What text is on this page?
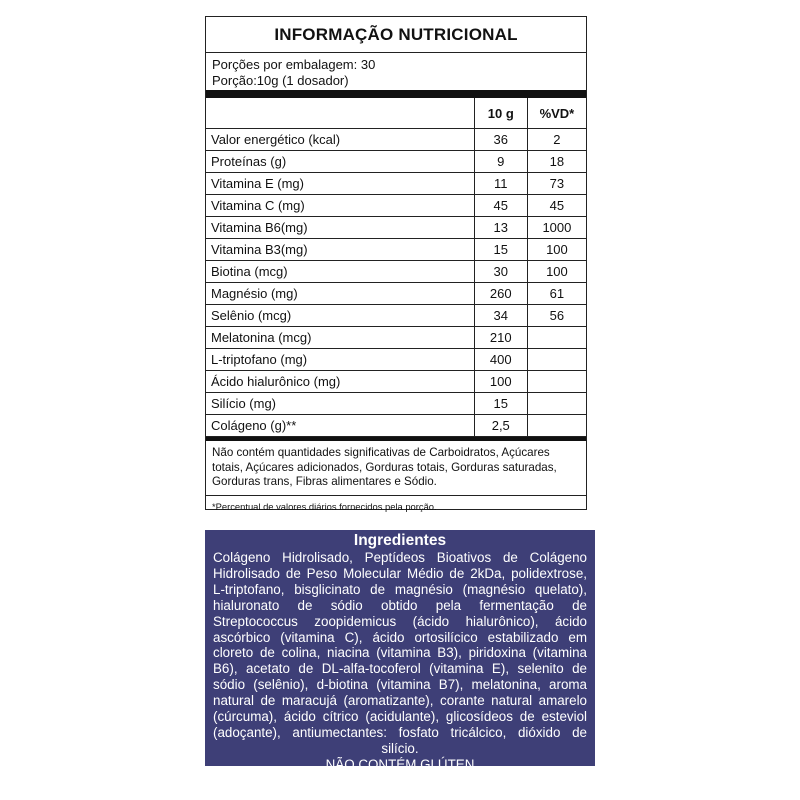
INFORMAÇÃO NUTRICIONAL
Porções por embalagem: 30
Porção:10g (1 dosador)
	10 g	%VD*
Valor energético (kcal)	36	2
Proteínas (g)	9	18
Vitamina E (mg)	11	73
Vitamina C (mg)	45	45
Vitamina B6(mg)	13	1000
Vitamina B3(mg)	15	100
Biotina (mcg)	30	100
Magnésio (mg)	260	61
Selênio (mcg)	34	56
Melatonina (mcg)	210	
L-triptofano (mg)	400	
Ácido hialurônico (mg)	100	
Silício (mg)	15	
Colágeno (g)**	2,5	
Não contém quantidades significativas de Carboidratos, Açúcares totais, Açúcares adicionados, Gorduras totais, Gorduras saturadas, Gorduras trans, Fibras alimentares e Sódio.
*Percentual de valores diários fornecidos pela porção.
Ingredientes
Colágeno Hidrolisado, Peptídeos Bioativos de Colágeno Hidrolisado de Peso Molecular Médio de 2kDa, polidextrose, L-triptofano, bisglicinato de magnésio (magnésio quelato), hialuronato de sódio obtido pela fermentação de Streptococcus zoopidemicus (ácido hialurônico), ácido ascórbico (vitamina C), ácido ortosilícico estabilizado em cloreto de colina, niacina (vitamina B3), piridoxina (vitamina B6), acetato de DL-alfa-tocoferol (vitamina E), selenito de sódio (selênio), d-biotina (vitamina B7), melatonina, aroma natural de maracujá (aromatizante), corante natural amarelo (cúrcuma), ácido cítrico (acidulante), glicosídeos de esteviol (adoçante), antiumectantes: fosfato tricálcico, dióxido de silício.
NÃO CONTÉM GLÚTEN
